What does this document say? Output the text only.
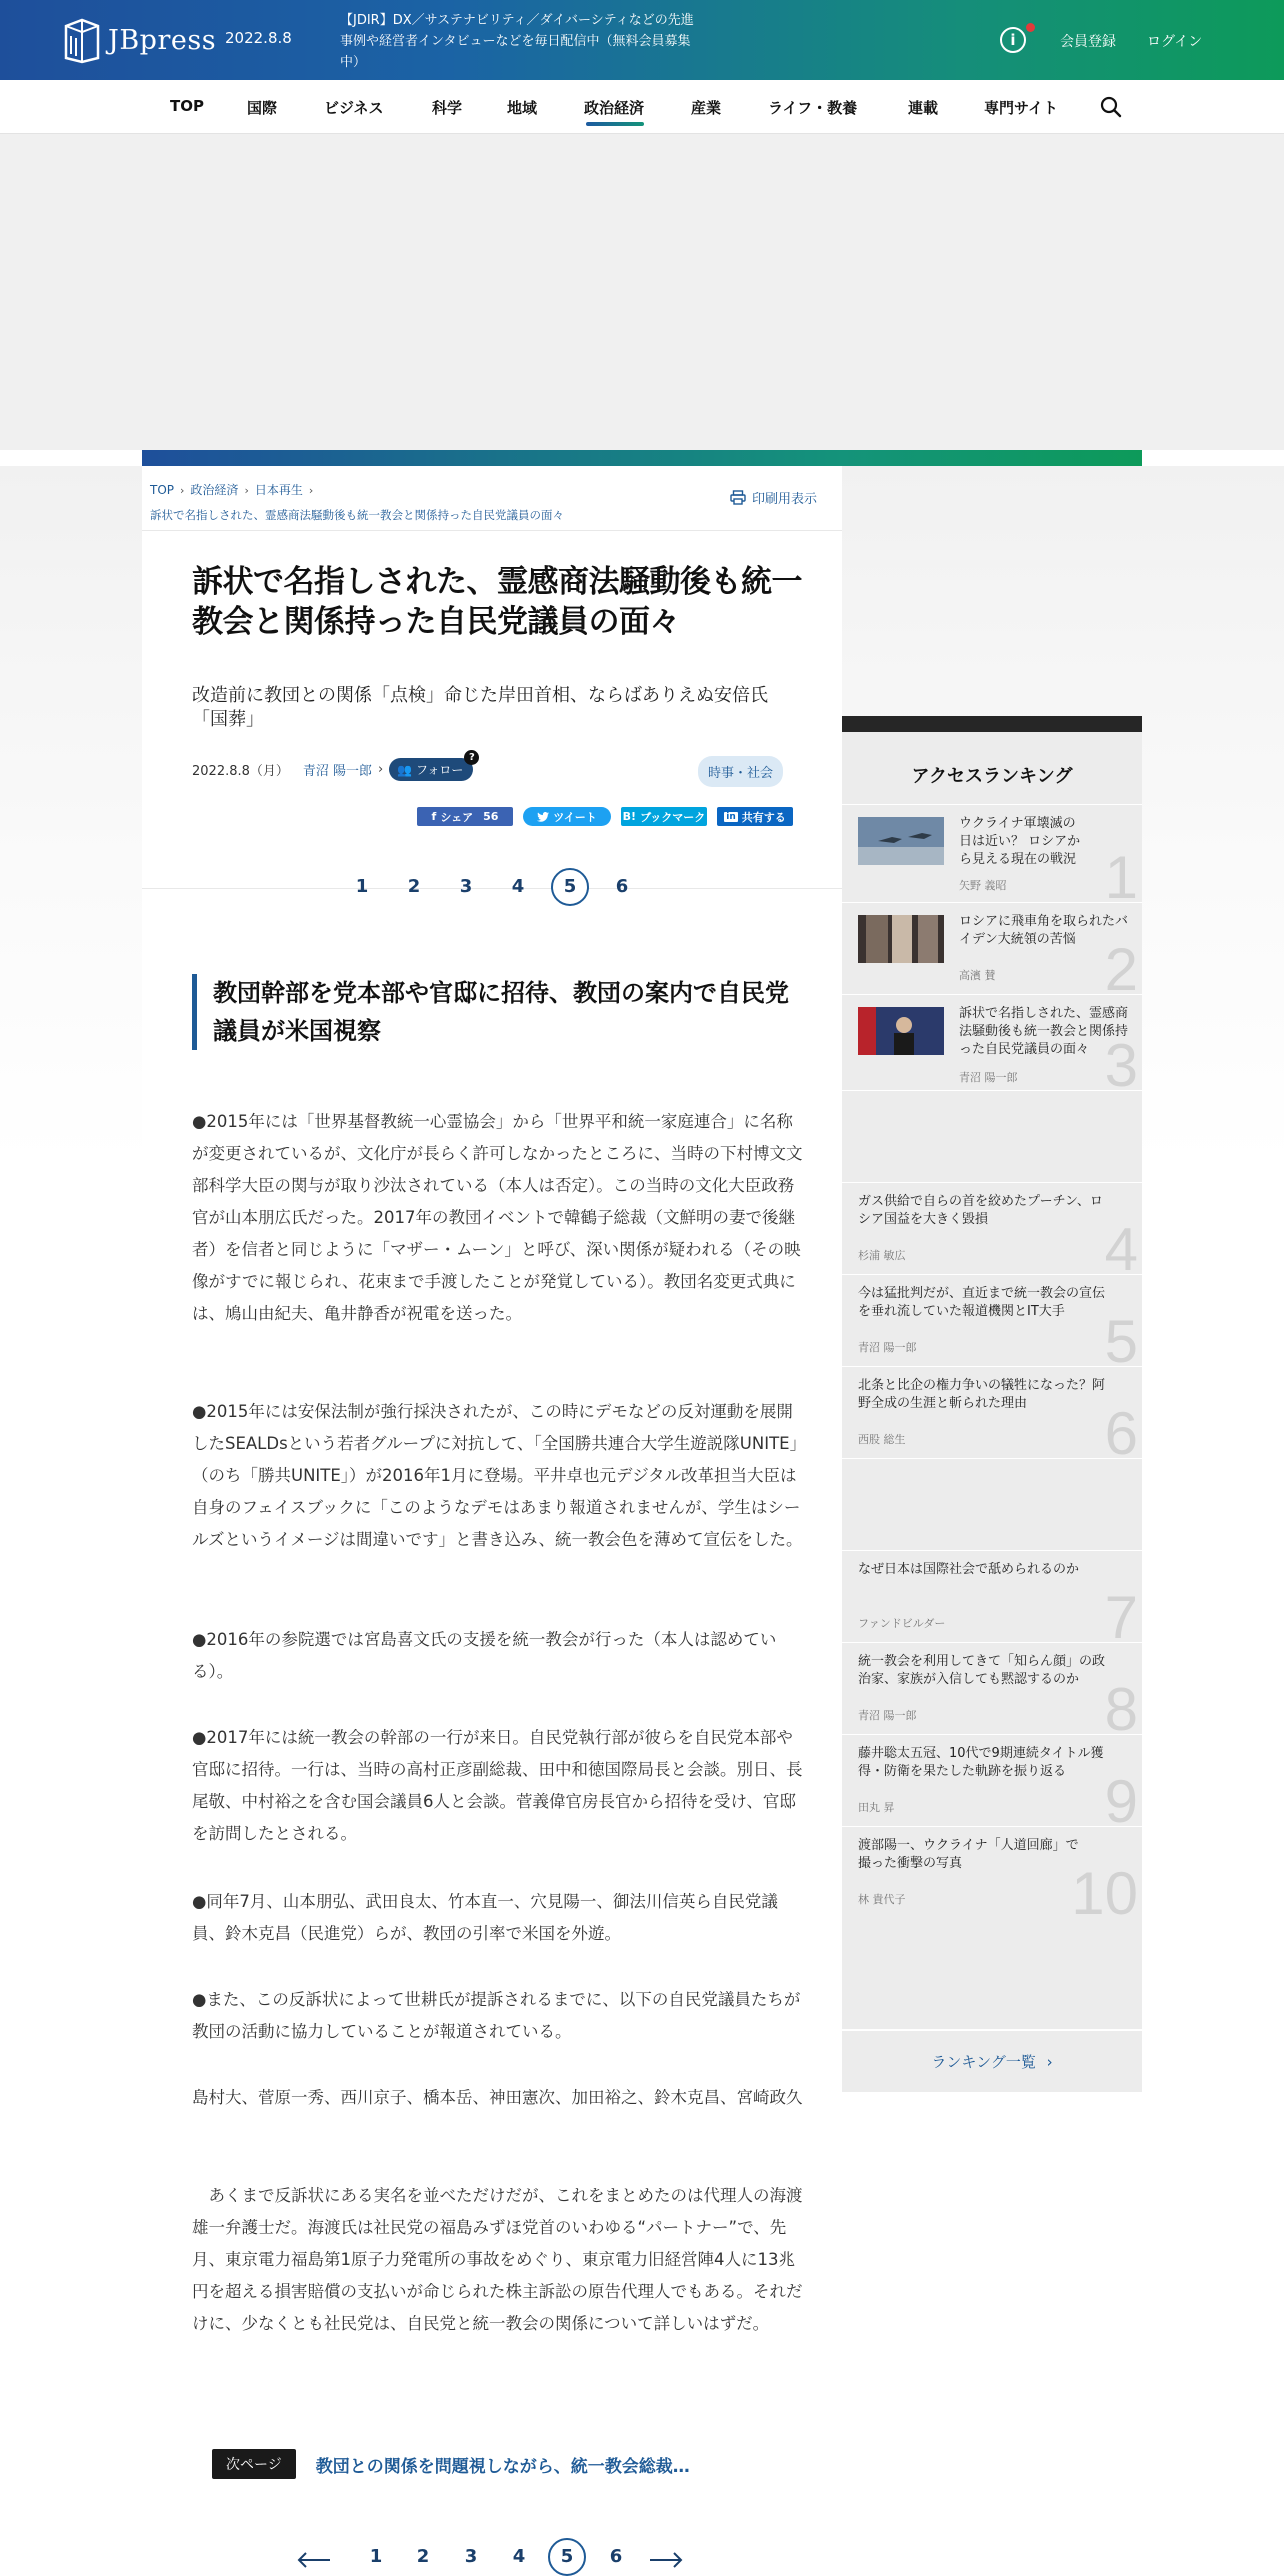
JBpress 2022.8.8
【JDIR】DX／サステナビリティ／ダイバーシティなどの先進事例や経営者インタビューなどを毎日配信中（無料会員募集中）
i	会員登録 ログイン
TOP	国際	ビジネス	科学	地域	政治経済	産業	ライフ・教養	連載	専門サイト
TOP › 政治経済 › 日本再生 ›
訴状で名指しされた、霊感商法騒動後も統一教会と関係持った自民党議員の面々
印刷用表示
訴状で名指しされた、霊感商法騒動後も統一教会と関係持った自民党議員の面々
改造前に教団との関係「点検」命じた岸田首相、ならばありえぬ安倍氏「国葬」
2022.8.8（月） 青沼 陽一郎 ›	👥 フォロー
?
時事・社会
f シェア 56	ツイート B! ブックマーク in 共有する
1	2	3	4	5	6
教団幹部を党本部や官邸に招待、教団の案内で自民党議員が米国視察

●2015年には「世界基督教統一心霊協会」から「世界平和統一家庭連合」に名称が変更されているが、文化庁が長らく許可しなかったところに、当時の下村博文文部科学大臣の関与が取り沙汰されている（本人は否定）。この当時の文化大臣政務官が山本朋広氏だった。2017年の教団イベントで韓鶴子総裁（文鮮明の妻で後継者）を信者と同じように「マザー・ムーン」と呼び、深い関係が疑われる（その映像がすでに報じられ、花束まで手渡したことが発覚している）。教団名変更式典には、鳩山由紀夫、亀井静香が祝電を送った。

●2015年には安保法制が強行採決されたが、この時にデモなどの反対運動を展開したSEALDsという若者グループに対抗して、「全国勝共連合大学生遊説隊UNITE」（のち「勝共UNITE」）が2016年1月に登場。平井卓也元デジタル改革担当大臣は自身のフェイスブックに「このようなデモはあまり報道されませんが、学生はシールズというイメージは間違いです」と書き込み、統一教会色を薄めて宣伝をした。

●2016年の参院選では宮島喜文氏の支援を統一教会が行った（本人は認めている）。

●2017年には統一教会の幹部の一行が来日。自民党執行部が彼らを自民党本部や官邸に招待。一行は、当時の高村正彦副総裁、田中和徳国際局長と会談。別日、長尾敬、中村裕之を含む国会議員6人と会談。菅義偉官房長官から招待を受け、官邸を訪問したとされる。

●同年7月、山本朋弘、武田良太、竹本直一、穴見陽一、御法川信英ら自民党議員、鈴木克昌（民進党）らが、教団の引率で米国を外遊。

●また、この反訴状によって世耕氏が提訴されるまでに、以下の自民党議員たちが教団の活動に協力していることが報道されている。

島村大、菅原一秀、西川京子、橋本岳、神田憲次、加田裕之、鈴木克昌、宮崎政久

　あくまで反訴状にある実名を並べただけだが、これをまとめたのは代理人の海渡雄一弁護士だ。海渡氏は社民党の福島みずほ党首のいわゆる“パートナー”で、先月、東京電力福島第1原子力発電所の事故をめぐり、東京電力旧経営陣4人に13兆円を超える損害賠償の支払いが命じられた株主訴訟の原告代理人でもある。それだけに、少なくとも社民党は、自民党と統一教会の関係について詳しいはずだ。

次ページ	教団との関係を問題視しながら、統一教会総裁…
1	2	3	4	5	6
アクセスランキング
ウクライナ軍壊滅の日は近い？ ロシアから見える現在の戦況
矢野 義昭 1
ロシアに飛車角を取られたバイデン大統領の苦悩
高濱 賛 2
訴状で名指しされた、霊感商法騒動後も統一教会と関係持った自民党議員の面々
青沼 陽一郎 3
ガス供給で自らの首を絞めたプーチン、ロシア国益を大きく毀損
杉浦 敏広	4
今は猛批判だが、直近まで統一教会の宣伝を垂れ流していた報道機関とIT大手
青沼 陽一郎	5
北条と比企の権力争いの犠牲になった？阿野全成の生涯と斬られた理由
西股 総生	6
なぜ日本は国際社会で舐められるのか
ファンドビルダー	7
統一教会を利用してきて「知らん顔」の政治家、家族が入信しても黙認するのか
青沼 陽一郎	8
藤井聡太五冠、10代で9期連続タイトル獲得・防衛を果たした軌跡を振り返る
田丸 昇	9
渡部陽一、ウクライナ「人道回廊」で撮った衝撃の写真
林 貴代子	10
ランキング一覧 ›
